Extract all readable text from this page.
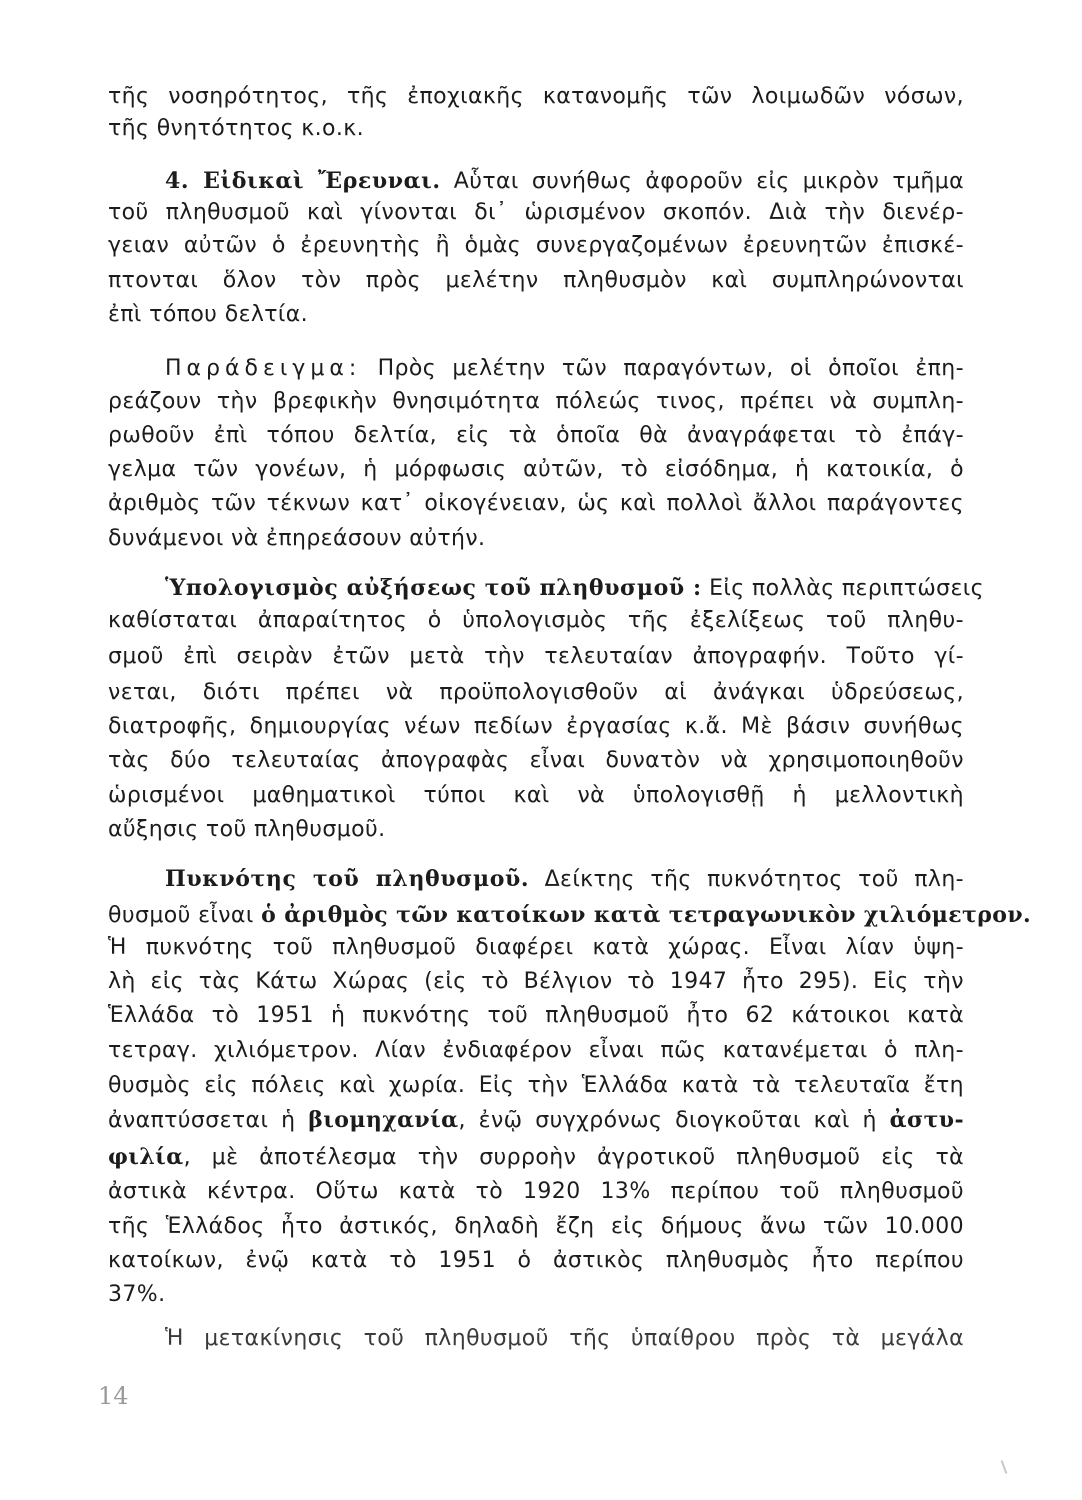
τῆς νοσηρότητος, τῆς ἐποχιακῆς κατανομῆς τῶν λοιμωδῶν νόσων,
τῆς θνητότητος κ.ο.κ.
4. Εἰδικαὶ Ἔρευναι. Αὗται συνήθως ἀφοροῦν εἰς μικρὸν τμῆμα
τοῦ πληθυσμοῦ καὶ γίνονται δι᾿ ὡρισμένον σκοπόν. Διὰ τὴν διενέρ-
γειαν αὐτῶν ὁ ἐρευνητὴς ἢ ὁμὰς συνεργαζομένων ἐρευνητῶν ἐπισκέ-
πτονται ὅλον τὸν πρὸς μελέτην πληθυσμὸν καὶ συμπληρώνονται
ἐπὶ τόπου δελτία.
Παράδειγμα: Πρὸς μελέτην τῶν παραγόντων, οἱ ὁποῖοι ἐπη-
ρεάζουν τὴν βρεφικὴν θνησιμότητα πόλεώς τινος, πρέπει νὰ συμπλη-
ρωθοῦν ἐπὶ τόπου δελτία, εἰς τὰ ὁποῖα θὰ ἀναγράφεται τὸ ἐπάγ-
γελμα τῶν γονέων, ἡ μόρφωσις αὐτῶν, τὸ εἰσόδημα, ἡ κατοικία, ὁ
ἀριθμὸς τῶν τέκνων κατ᾿ οἰκογένειαν, ὡς καὶ πολλοὶ ἄλλοι παράγοντες
δυνάμενοι νὰ ἐπηρεάσουν αὐτήν.
Ὑπολογισμὸς αὐξήσεως τοῦ πληθυσμοῦ : Εἰς πολλὰς περιπτώσεις
καθίσταται ἀπαραίτητος ὁ ὑπολογισμὸς τῆς ἐξελίξεως τοῦ πληθυ-
σμοῦ ἐπὶ σειρὰν ἐτῶν μετὰ τὴν τελευταίαν ἀπογραφήν. Τοῦτο γί-
νεται, διότι πρέπει νὰ προϋπολογισθοῦν αἱ ἀνάγκαι ὑδρεύσεως,
διατροφῆς, δημιουργίας νέων πεδίων ἐργασίας κ.ἄ. Μὲ βάσιν συνήθως
τὰς δύο τελευταίας ἀπογραφὰς εἶναι δυνατὸν νὰ χρησιμοποιηθοῦν
ὡρισμένοι μαθηματικοὶ τύποι καὶ νὰ ὑπολογισθῇ ἡ μελλοντικὴ
αὔξησις τοῦ πληθυσμοῦ.
Πυκνότης τοῦ πληθυσμοῦ. Δείκτης τῆς πυκνότητος τοῦ πλη-
θυσμοῦ εἶναι ὁ ἀριθμὸς τῶν κατοίκων κατὰ τετραγωνικὸν χιλιόμετρον.
Ἡ πυκνότης τοῦ πληθυσμοῦ διαφέρει κατὰ χώρας. Εἶναι λίαν ὑψη-
λὴ εἰς τὰς Κάτω Χώρας (εἰς τὸ Βέλγιον τὸ 1947 ἦτο 295). Εἰς τὴν
Ἑλλάδα τὸ 1951 ἡ πυκνότης τοῦ πληθυσμοῦ ἦτο 62 κάτοικοι κατὰ
τετραγ. χιλιόμετρον. Λίαν ἐνδιαφέρον εἶναι πῶς κατανέμεται ὁ πλη-
θυσμὸς εἰς πόλεις καὶ χωρία. Εἰς τὴν Ἑλλάδα κατὰ τὰ τελευταῖα ἔτη
ἀναπτύσσεται ἡ βιομηχανία, ἐνῷ συγχρόνως διογκοῦται καὶ ἡ ἀστυ-
φιλία, μὲ ἀποτέλεσμα τὴν συρροὴν ἀγροτικοῦ πληθυσμοῦ εἰς τὰ
ἀστικὰ κέντρα. Οὕτω κατὰ τὸ 1920 13% περίπου τοῦ πληθυσμοῦ
τῆς Ἑλλάδος ἦτο ἀστικός, δηλαδὴ ἔζη εἰς δήμους ἄνω τῶν 10.000
κατοίκων, ἐνῷ κατὰ τὸ 1951 ὁ ἀστικὸς πληθυσμὸς ἦτο περίπου
37%.
Ἡ μετακίνησις τοῦ πληθυσμοῦ τῆς ὑπαίθρου πρὸς τὰ μεγάλα
14
